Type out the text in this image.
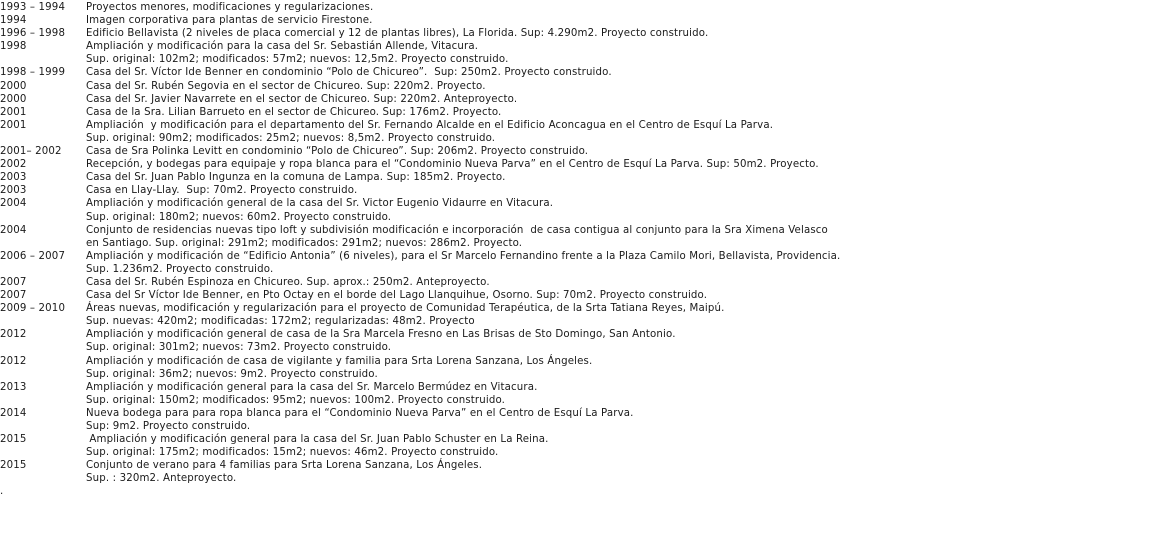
1993 – 1994	Proyectos menores, modificaciones y regularizaciones.
1994	Imagen corporativa para plantas de servicio Firestone.
1996 – 1998	Edificio Bellavista (2 niveles de placa comercial y 12 de plantas libres), La Florida. Sup: 4.290m2. Proyecto construido.
1998	Ampliación y modificación para la casa del Sr. Sebastián Allende, Vitacura.
Sup. original: 102m2; modificados: 57m2; nuevos: 12,5m2. Proyecto construido.
1998 – 1999	Casa del Sr. Víctor Ide Benner en condominio “Polo de Chicureo”.  Sup: 250m2. Proyecto construido.
2000	Casa del Sr. Rubén Segovia en el sector de Chicureo. Sup: 220m2. Proyecto.
2000	Casa del Sr. Javier Navarrete en el sector de Chicureo. Sup: 220m2. Anteproyecto.
2001	Casa de la Sra. Lilian Barrueto en el sector de Chicureo. Sup: 176m2. Proyecto.
2001	Ampliación  y modificación para el departamento del Sr. Fernando Alcalde en el Edificio Aconcagua en el Centro de Esquí La Parva.
Sup. original: 90m2; modificados: 25m2; nuevos: 8,5m2. Proyecto construido.
2001– 2002	Casa de Sra Polinka Levitt en condominio “Polo de Chicureo”. Sup: 206m2. Proyecto construido.
2002	Recepción, y bodegas para equipaje y ropa blanca para el “Condominio Nueva Parva” en el Centro de Esquí La Parva. Sup: 50m2. Proyecto.
2003	Casa del Sr. Juan Pablo Ingunza en la comuna de Lampa. Sup: 185m2. Proyecto.
2003	Casa en Llay-Llay.  Sup: 70m2. Proyecto construido.
2004	Ampliación y modificación general de la casa del Sr. Victor Eugenio Vidaurre en Vitacura.
Sup. original: 180m2; nuevos: 60m2. Proyecto construido.
2004	Conjunto de residencias nuevas tipo loft y subdivisión modificación e incorporación  de casa contigua al conjunto para la Sra Ximena Velasco
en Santiago. Sup. original: 291m2; modificados: 291m2; nuevos: 286m2. Proyecto.
2006 – 2007	Ampliación y modificación de “Edificio Antonia” (6 niveles), para el Sr Marcelo Fernandino frente a la Plaza Camilo Mori, Bellavista, Providencia.
Sup. 1.236m2. Proyecto construido.
2007	Casa del Sr. Rubén Espinoza en Chicureo. Sup. aprox.: 250m2. Anteproyecto.
2007	Casa del Sr Víctor Ide Benner, en Pto Octay en el borde del Lago Llanquihue, Osorno. Sup: 70m2. Proyecto construido.
2009 – 2010	Áreas nuevas, modificación y regularización para el proyecto de Comunidad Terapéutica, de la Srta Tatiana Reyes, Maipú.
Sup. nuevas: 420m2; modificadas: 172m2; regularizadas: 48m2. Proyecto
2012	Ampliación y modificación general de casa de la Sra Marcela Fresno en Las Brisas de Sto Domingo, San Antonio.
Sup. original: 301m2; nuevos: 73m2. Proyecto construido.
2012	Ampliación y modificación de casa de vigilante y familia para Srta Lorena Sanzana, Los Ángeles.
Sup. original: 36m2; nuevos: 9m2. Proyecto construido.
2013	Ampliación y modificación general para la casa del Sr. Marcelo Bermúdez en Vitacura.
Sup. original: 150m2; modificados: 95m2; nuevos: 100m2. Proyecto construido.
2014	Nueva bodega para para ropa blanca para el “Condominio Nueva Parva” en el Centro de Esquí La Parva.
Sup: 9m2. Proyecto construido.
2015	Ampliación y modificación general para la casa del Sr. Juan Pablo Schuster en La Reina.
Sup. original: 175m2; modificados: 15m2; nuevos: 46m2. Proyecto construido.
2015	Conjunto de verano para 4 familias para Srta Lorena Sanzana, Los Ángeles.
Sup. : 320m2. Anteproyecto.
.
